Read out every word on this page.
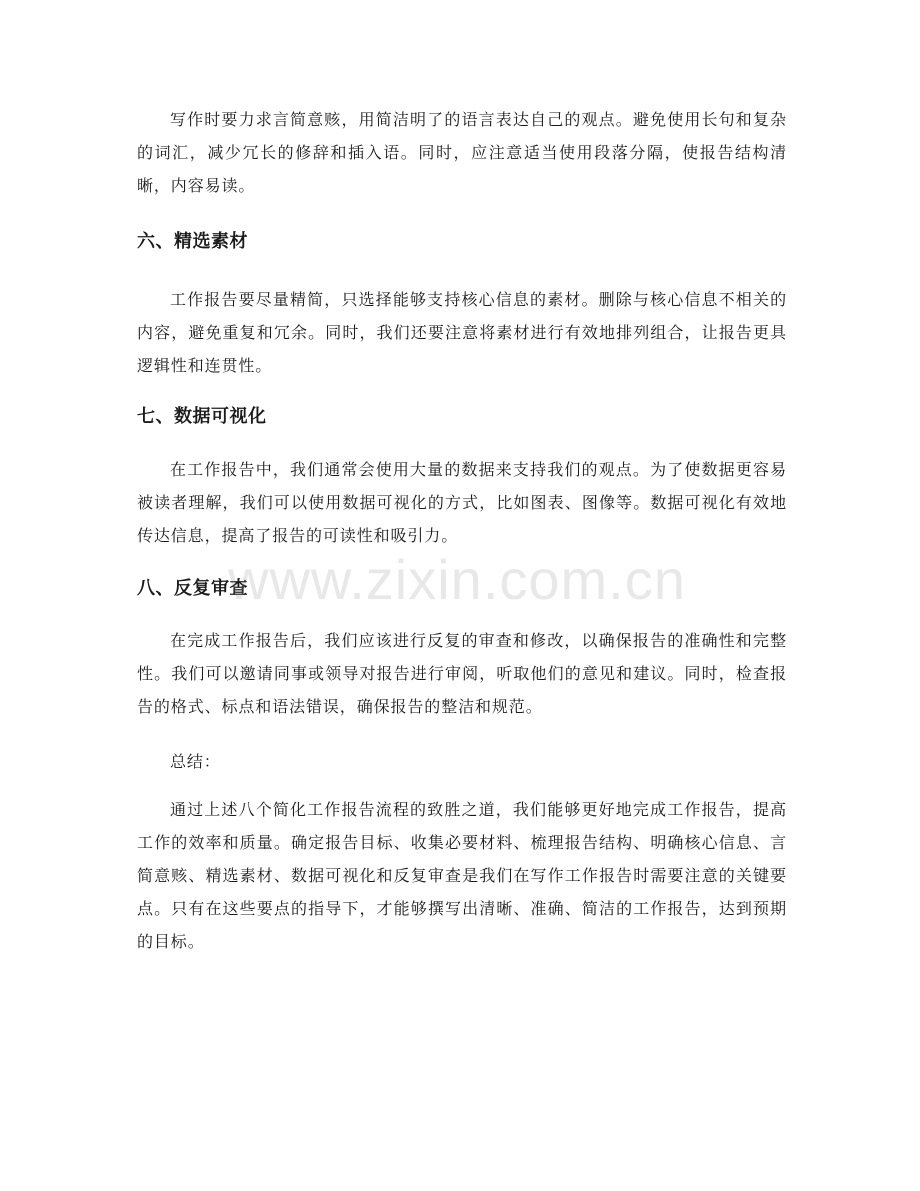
写作时要力求言简意赅，用简洁明了的语言表达自己的观点。避免使用长句和复杂的词汇，减少冗长的修辞和插入语。同时，应注意适当使用段落分隔，使报告结构清晰，内容易读。

六、精选素材

工作报告要尽量精简，只选择能够支持核心信息的素材。删除与核心信息不相关的内容，避免重复和冗余。同时，我们还要注意将素材进行有效地排列组合，让报告更具逻辑性和连贯性。

七、数据可视化

在工作报告中，我们通常会使用大量的数据来支持我们的观点。为了使数据更容易被读者理解，我们可以使用数据可视化的方式，比如图表、图像等。数据可视化有效地传达信息，提高了报告的可读性和吸引力。

八、反复审查

在完成工作报告后，我们应该进行反复的审查和修改，以确保报告的准确性和完整性。我们可以邀请同事或领导对报告进行审阅，听取他们的意见和建议。同时，检查报告的格式、标点和语法错误，确保报告的整洁和规范。

总结：

通过上述八个简化工作报告流程的致胜之道，我们能够更好地完成工作报告，提高工作的效率和质量。确定报告目标、收集必要材料、梳理报告结构、明确核心信息、言简意赅、精选素材、数据可视化和反复审查是我们在写作工作报告时需要注意的关键要点。只有在这些要点的指导下，才能够撰写出清晰、准确、简洁的工作报告，达到预期的目标。

www.zixin.com.cn
